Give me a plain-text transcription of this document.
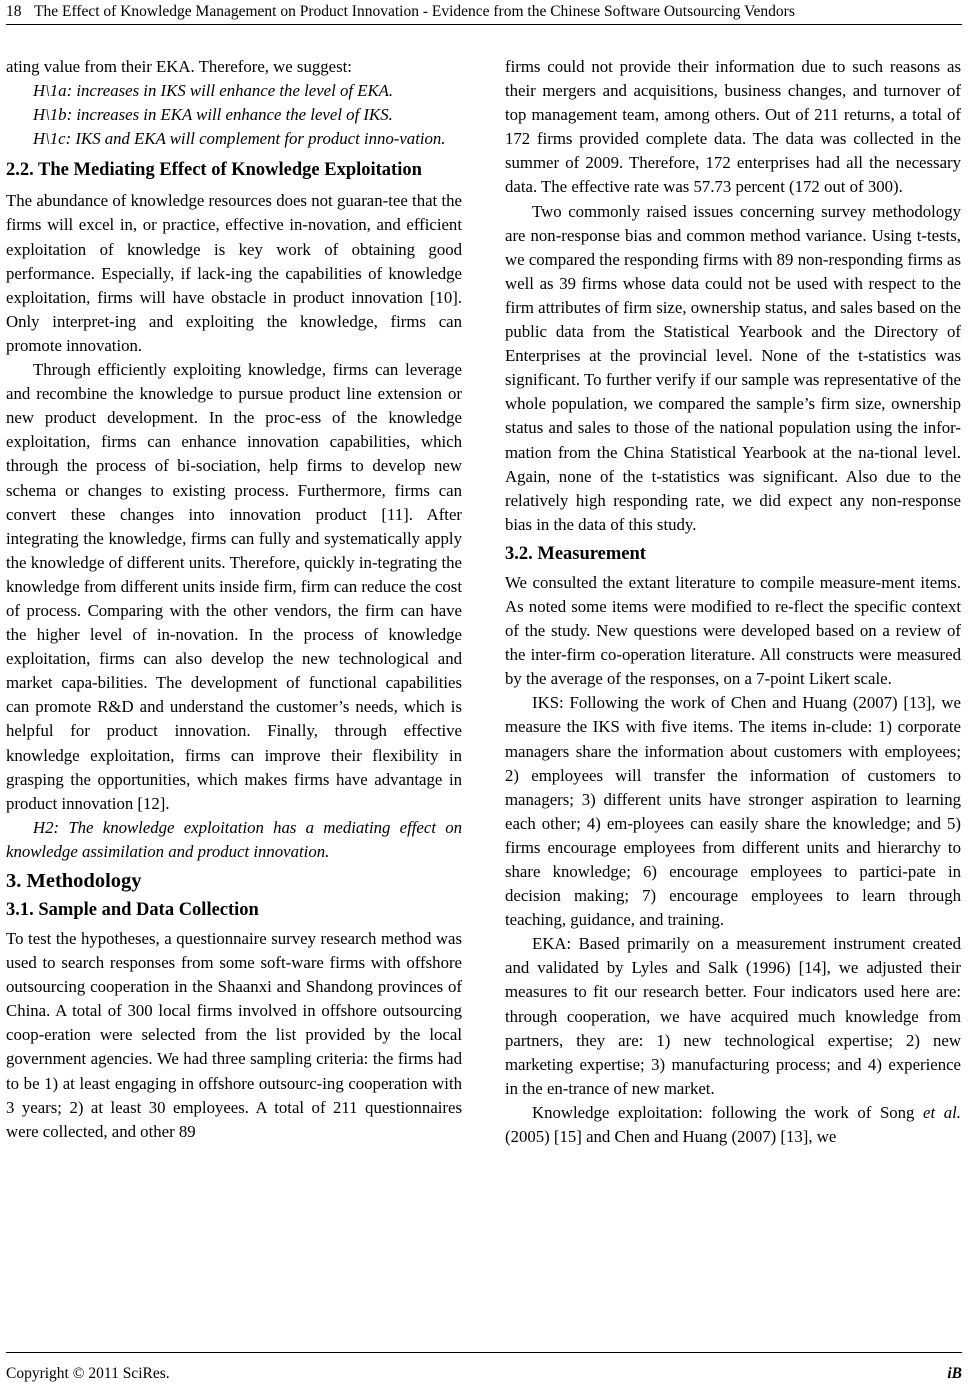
18 The Effect of Knowledge Management on Product Innovation - Evidence from the Chinese Software Outsourcing Vendors

ating value from their EKA. Therefore, we suggest:

H\1a: increases in IKS will enhance the level of EKA.

H\1b: increases in EKA will enhance the level of IKS.

H\1c: IKS and EKA will complement for product inno-vation.

2.2. The Mediating Effect of Knowledge Exploitation

The abundance of knowledge resources does not guaran-tee that the firms will excel in, or practice, effective in-novation, and efficient exploitation of knowledge is key work of obtaining good performance. Especially, if lack-ing the capabilities of knowledge exploitation, firms will have obstacle in product innovation [10]. Only interpret-ing and exploiting the knowledge, firms can promote innovation.

Through efficiently exploiting knowledge, firms can leverage and recombine the knowledge to pursue product line extension or new product development. In the proc-ess of the knowledge exploitation, firms can enhance innovation capabilities, which through the process of bi-sociation, help firms to develop new schema or changes to existing process. Furthermore, firms can convert these changes into innovation product [11]. After integrating the knowledge, firms can fully and systematically apply the knowledge of different units. Therefore, quickly in-tegrating the knowledge from different units inside firm, firm can reduce the cost of process. Comparing with the other vendors, the firm can have the higher level of in-novation. In the process of knowledge exploitation, firms can also develop the new technological and market capa-bilities. The development of functional capabilities can promote R&D and understand the customer’s needs, which is helpful for product innovation. Finally, through effective knowledge exploitation, firms can improve their flexibility in grasping the opportunities, which makes firms have advantage in product innovation [12].

H2: The knowledge exploitation has a mediating effect on knowledge assimilation and product innovation.

3. Methodology
3.1. Sample and Data Collection

To test the hypotheses, a questionnaire survey research method was used to search responses from some soft-ware firms with offshore outsourcing cooperation in the Shaanxi and Shandong provinces of China. A total of 300 local firms involved in offshore outsourcing coop-eration were selected from the list provided by the local government agencies. We had three sampling criteria: the firms had to be 1) at least engaging in offshore outsourc-ing cooperation with 3 years; 2) at least 30 employees. A total of 211 questionnaires were collected, and other 89

firms could not provide their information due to such reasons as their mergers and acquisitions, business changes, and turnover of top management team, among others. Out of 211 returns, a total of 172 firms provided complete data. The data was collected in the summer of 2009. Therefore, 172 enterprises had all the necessary data. The effective rate was 57.73 percent (172 out of 300).

Two commonly raised issues concerning survey methodology are non-response bias and common method variance. Using t-tests, we compared the responding firms with 89 non-responding firms as well as 39 firms whose data could not be used with respect to the firm attributes of firm size, ownership status, and sales based on the public data from the Statistical Yearbook and the Directory of Enterprises at the provincial level. None of the t-statistics was significant. To further verify if our sample was representative of the whole population, we compared the sample’s firm size, ownership status and sales to those of the national population using the infor-mation from the China Statistical Yearbook at the na-tional level. Again, none of the t-statistics was significant. Also due to the relatively high responding rate, we did expect any non-response bias in the data of this study.

3.2. Measurement

We consulted the extant literature to compile measure-ment items. As noted some items were modified to re-flect the specific context of the study. New questions were developed based on a review of the inter-firm co-operation literature. All constructs were measured by the average of the responses, on a 7-point Likert scale.

IKS: Following the work of Chen and Huang (2007) [13], we measure the IKS with five items. The items in-clude: 1) corporate managers share the information about customers with employees; 2) employees will transfer the information of customers to managers; 3) different units have stronger aspiration to learning each other; 4) em-ployees can easily share the knowledge; and 5) firms encourage employees from different units and hierarchy to share knowledge; 6) encourage employees to partici-pate in decision making; 7) encourage employees to learn through teaching, guidance, and training.

EKA: Based primarily on a measurement instrument created and validated by Lyles and Salk (1996) [14], we adjusted their measures to fit our research better. Four indicators used here are: through cooperation, we have acquired much knowledge from partners, they are: 1) new technological expertise; 2) new marketing expertise; 3) manufacturing process; and 4) experience in the en-trance of new market.

Knowledge exploitation: following the work of Song et al. (2005) [15] and Chen and Huang (2007) [13], we

Copyright © 2011 SciRes.	iB
